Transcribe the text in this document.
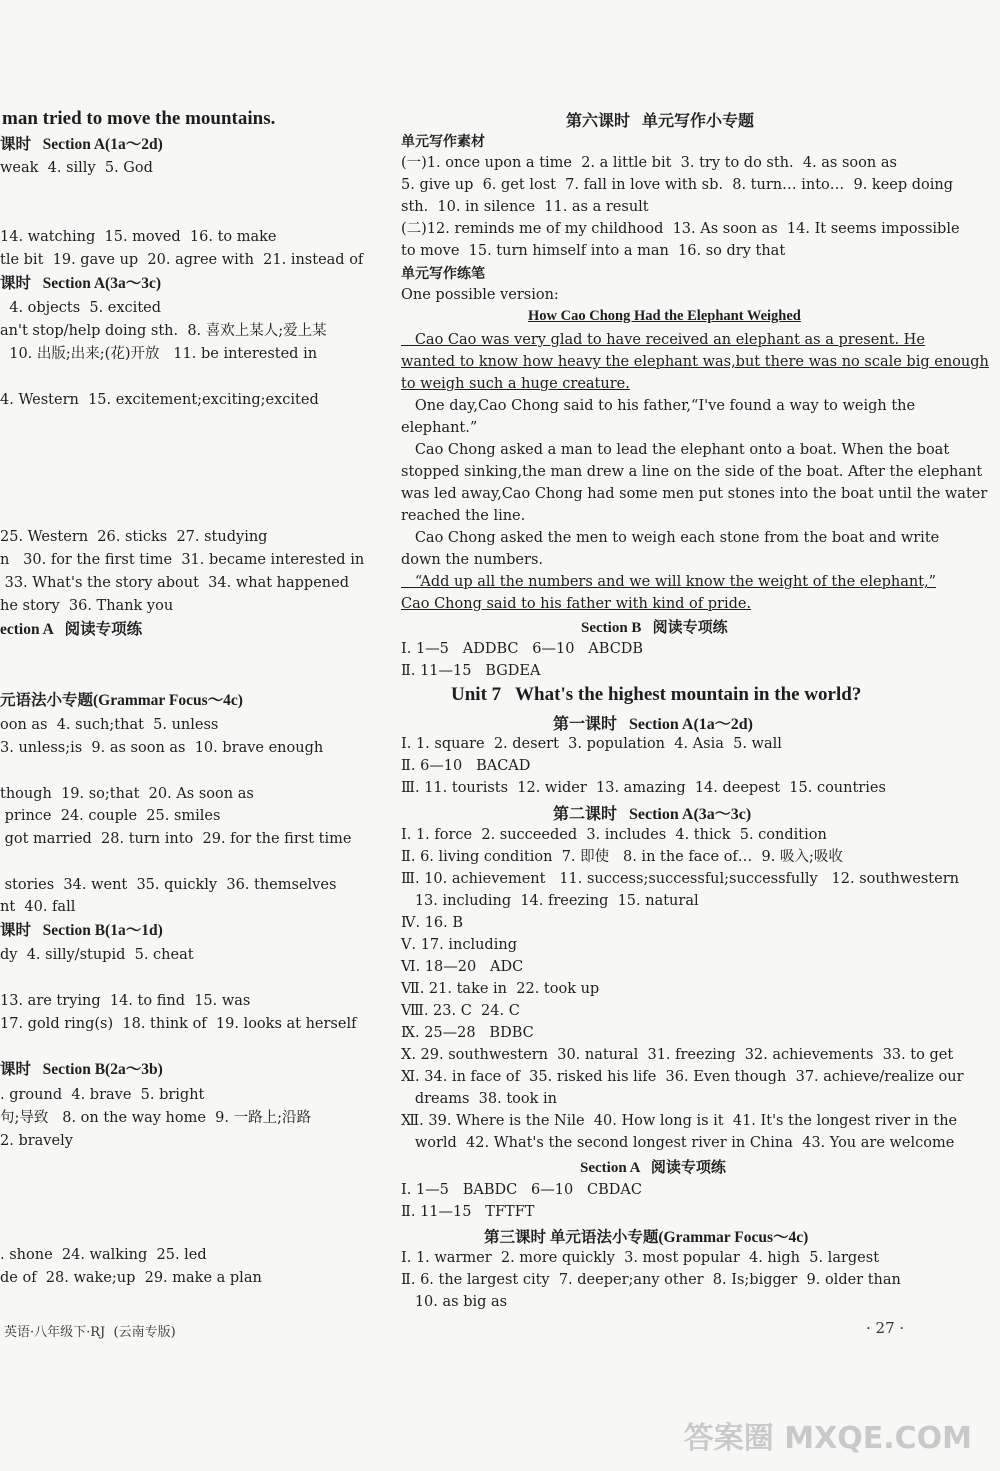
man tried to move the mountains.
课时   Section A(1a～2d)
weak  4. silly  5. God
14. watching  15. moved  16. to make
tle bit  19. gave up  20. agree with  21. instead of
课时   Section A(3a～3c)
4. objects  5. excited
an't stop/help doing sth.  8. 喜欢上某人;爱上某
10. 出版;出来;(花)开放   11. be interested in
4. Western  15. excitement;exciting;excited
25. Western  26. sticks  27. studying
n   30. for the first time  31. became interested in
33. What's the story about  34. what happened
he story  36. Thank you
ection A   阅读专项练
元语法小专题(Grammar Focus～4c)
oon as  4. such;that  5. unless
3. unless;is  9. as soon as  10. brave enough
though  19. so;that  20. As soon as
prince  24. couple  25. smiles
got married  28. turn into  29. for the first time
stories  34. went  35. quickly  36. themselves
nt  40. fall
课时   Section B(1a～1d)
dy  4. silly/stupid  5. cheat
13. are trying  14. to find  15. was
17. gold ring(s)  18. think of  19. looks at herself
课时   Section B(2a～3b)
. ground  4. brave  5. bright
句;导致   8. on the way home  9. 一路上;沿路
2. bravely
. shone  24. walking  25. led
de of  28. wake;up  29. make a plan
第六课时   单元写作小专题
单元写作素材
(一)1. once upon a time  2. a little bit  3. try to do sth.  4. as soon as
5. give up  6. get lost  7. fall in love with sb.  8. turn… into…  9. keep doing
sth.  10. in silence  11. as a result
(二)12. reminds me of my childhood  13. As soon as  14. It seems impossible
to move  15. turn himself into a man  16. so dry that
单元写作练笔
One possible version:
How Cao Chong Had the Elephant Weighed
Cao Cao was very glad to have received an elephant as a present. He
wanted to know how heavy the elephant was,but there was no scale big enough
to weigh such a huge creature.
One day,Cao Chong said to his father,“I've found a way to weigh the
elephant.”
Cao Chong asked a man to lead the elephant onto a boat. When the boat
stopped sinking,the man drew a line on the side of the boat. After the elephant
was led away,Cao Chong had some men put stones into the boat until the water
reached the line.
Cao Chong asked the men to weigh each stone from the boat and write
down the numbers.
“Add up all the numbers and we will know the weight of the elephant,”
Cao Chong said to his father with kind of pride.
Section B   阅读专项练
Ⅰ. 1—5   ADDBC   6—10   ABCDB
Ⅱ. 11—15   BGDEA
Unit 7   What's the highest mountain in the world?
第一课时   Section A(1a～2d)
Ⅰ. 1. square  2. desert  3. population  4. Asia  5. wall
Ⅱ. 6—10   BACAD
Ⅲ. 11. tourists  12. wider  13. amazing  14. deepest  15. countries
第二课时   Section A(3a～3c)
Ⅰ. 1. force  2. succeeded  3. includes  4. thick  5. condition
Ⅱ. 6. living condition  7. 即使   8. in the face of…  9. 吸入;吸收
Ⅲ. 10. achievement   11. success;successful;successfully   12. southwestern
13. including  14. freezing  15. natural
Ⅳ. 16. B
Ⅴ. 17. including
Ⅵ. 18—20   ADC
Ⅶ. 21. take in  22. took up
Ⅷ. 23. C  24. C
Ⅸ. 25—28   BDBC
Ⅹ. 29. southwestern  30. natural  31. freezing  32. achievements  33. to get
Ⅺ. 34. in face of  35. risked his life  36. Even though  37. achieve/realize our
dreams  38. took in
Ⅻ. 39. Where is the Nile  40. How long is it  41. It's the longest river in the
world  42. What's the second longest river in China  43. You are welcome
Section A   阅读专项练
Ⅰ. 1—5   BABDC   6—10   CBDAC
Ⅱ. 11—15   TFTFT
第三课时 单元语法小专题(Grammar Focus～4c)
Ⅰ. 1. warmer  2. more quickly  3. most popular  4. high  5. largest
Ⅱ. 6. the largest city  7. deeper;any other  8. Is;bigger  9. older than
10. as big as
英语·八年级下·RJ  (云南专版)	· 27 ·
答案圈 MXQE.COM
